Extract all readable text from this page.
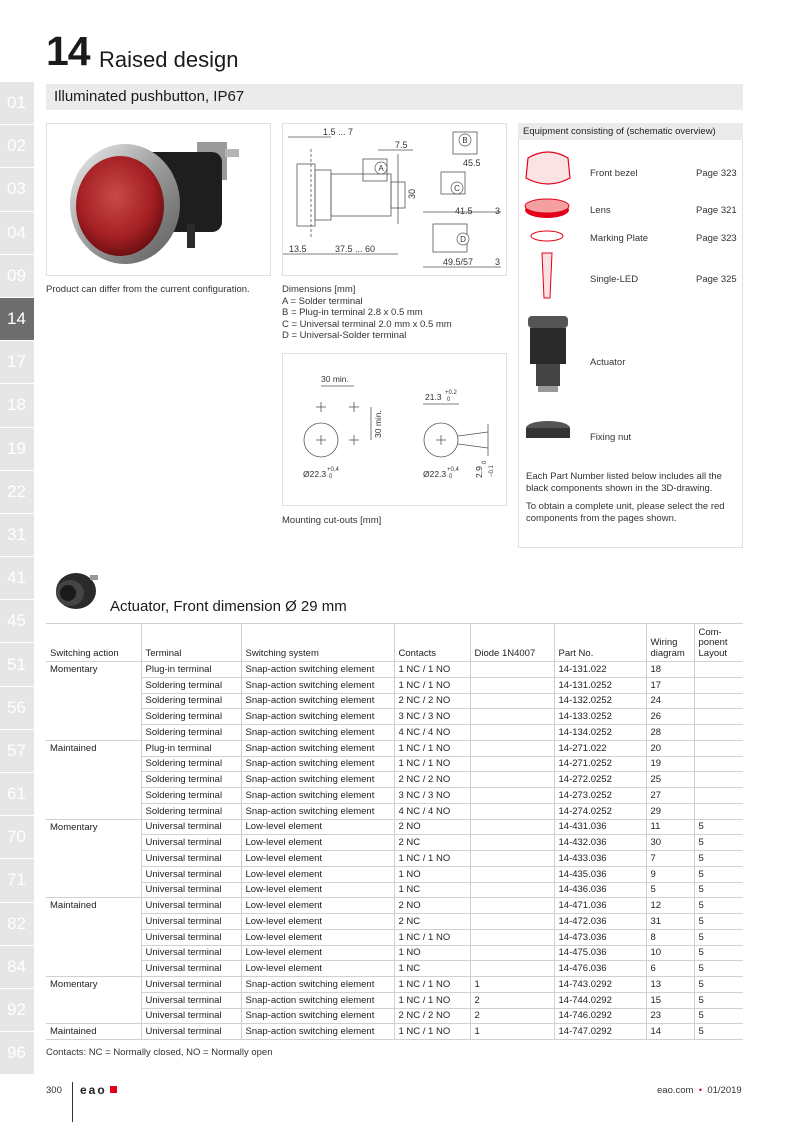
01
02
03
04
09
14
17
18
19
22
31
41
45
51
56
57
61
70
71
82
84
92
96
14 Raised design
Illuminated pushbutton, IP67
Product can differ from the current configuration.
1.5 ... 7
7.5
45.5
30
41.5 3
13.5	37.5 ... 60
49.5/57 3
B
A
C
D
Dimensions [mm]
A = Solder terminal
B = Plug-in terminal 2.8 x 0.5 mm
C = Universal terminal 2.0 mm x 0.5 mm
D = Universal-Solder terminal
30 min.
30 min.
Ø22.3 +0.4
0
21.3 +0.2
0
Ø22.3 +0.4
0	2.9
0
−0.1
Mounting cut-outs [mm]
Equipment consisting of (schematic overview)
Front bezel	Page 323
Lens	Page 321
Marking Plate	Page 323
Single-LED	Page 325
Actuator
Fixing nut
Each Part Number listed below includes all the black components shown in the 3D-drawing.
To obtain a complete unit, please select the red components from the pages shown.
Actuator, Front dimension Ø 29 mm
Switching action	Terminal	Switching system	Contacts	Diode 1N4007	Part No.	Wiring diagram	Com-ponent Layout
Momentary	Plug-in terminal	Snap-action switching element	1 NC / 1 NO		14-131.022	18	
	Soldering terminal	Snap-action switching element	1 NC / 1 NO		14-131.0252	17	
	Soldering terminal	Snap-action switching element	2 NC / 2 NO		14-132.0252	24	
	Soldering terminal	Snap-action switching element	3 NC / 3 NO		14-133.0252	26	
	Soldering terminal	Snap-action switching element	4 NC / 4 NO		14-134.0252	28	
Maintained	Plug-in terminal	Snap-action switching element	1 NC / 1 NO		14-271.022	20	
	Soldering terminal	Snap-action switching element	1 NC / 1 NO		14-271.0252	19	
	Soldering terminal	Snap-action switching element	2 NC / 2 NO		14-272.0252	25	
	Soldering terminal	Snap-action switching element	3 NC / 3 NO		14-273.0252	27	
	Soldering terminal	Snap-action switching element	4 NC / 4 NO		14-274.0252	29	
Momentary	Universal terminal	Low-level element	2 NO		14-431.036	11	5
	Universal terminal	Low-level element	2 NC		14-432.036	30	5
	Universal terminal	Low-level element	1 NC / 1 NO		14-433.036	7	5
	Universal terminal	Low-level element	1 NO		14-435.036	9	5
	Universal terminal	Low-level element	1 NC		14-436.036	5	5
Maintained	Universal terminal	Low-level element	2 NO		14-471.036	12	5
	Universal terminal	Low-level element	2 NC		14-472.036	31	5
	Universal terminal	Low-level element	1 NC / 1 NO		14-473.036	8	5
	Universal terminal	Low-level element	1 NO		14-475.036	10	5
	Universal terminal	Low-level element	1 NC		14-476.036	6	5
Momentary	Universal terminal	Snap-action switching element	1 NC / 1 NO	1	14-743.0292	13	5
	Universal terminal	Snap-action switching element	1 NC / 1 NO	2	14-744.0292	15	5
	Universal terminal	Snap-action switching element	2 NC / 2 NO	2	14-746.0292	23	5
Maintained	Universal terminal	Snap-action switching element	1 NC / 1 NO	1	14-747.0292	14	5
Contacts: NC = Normally closed, NO = Normally open
300 eao	eao.com  •  01/2019
